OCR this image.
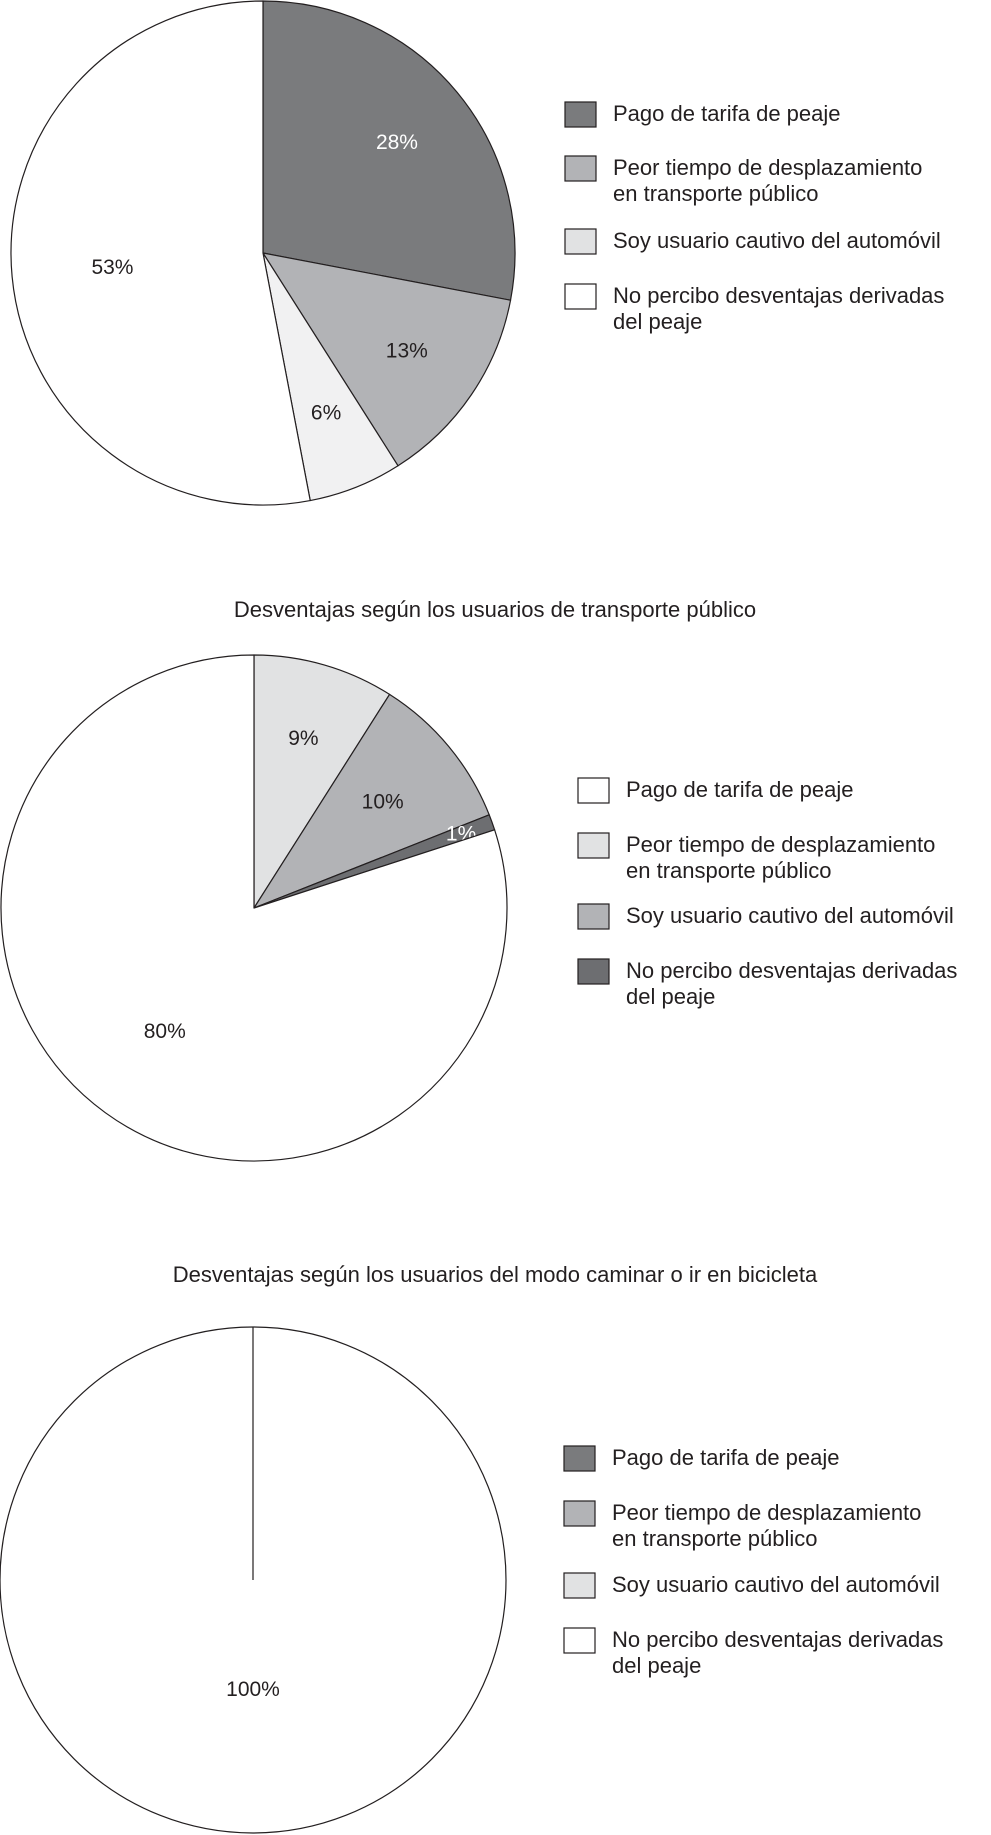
28%
13%
6%
53%
Pago de tarifa de peaje
Peor tiempo de desplazamiento
en transporte público
Soy usuario cautivo del automóvil
No percibo desventajas derivadas
del peaje
Desventajas según los usuarios de transporte público
9%
10%
1%
80%
Pago de tarifa de peaje
Peor tiempo de desplazamiento
en transporte público
Soy usuario cautivo del automóvil
No percibo desventajas derivadas
del peaje
Desventajas según los usuarios del modo caminar o ir en bicicleta
100%
Pago de tarifa de peaje
Peor tiempo de desplazamiento
en transporte público
Soy usuario cautivo del automóvil
No percibo desventajas derivadas
del peaje
